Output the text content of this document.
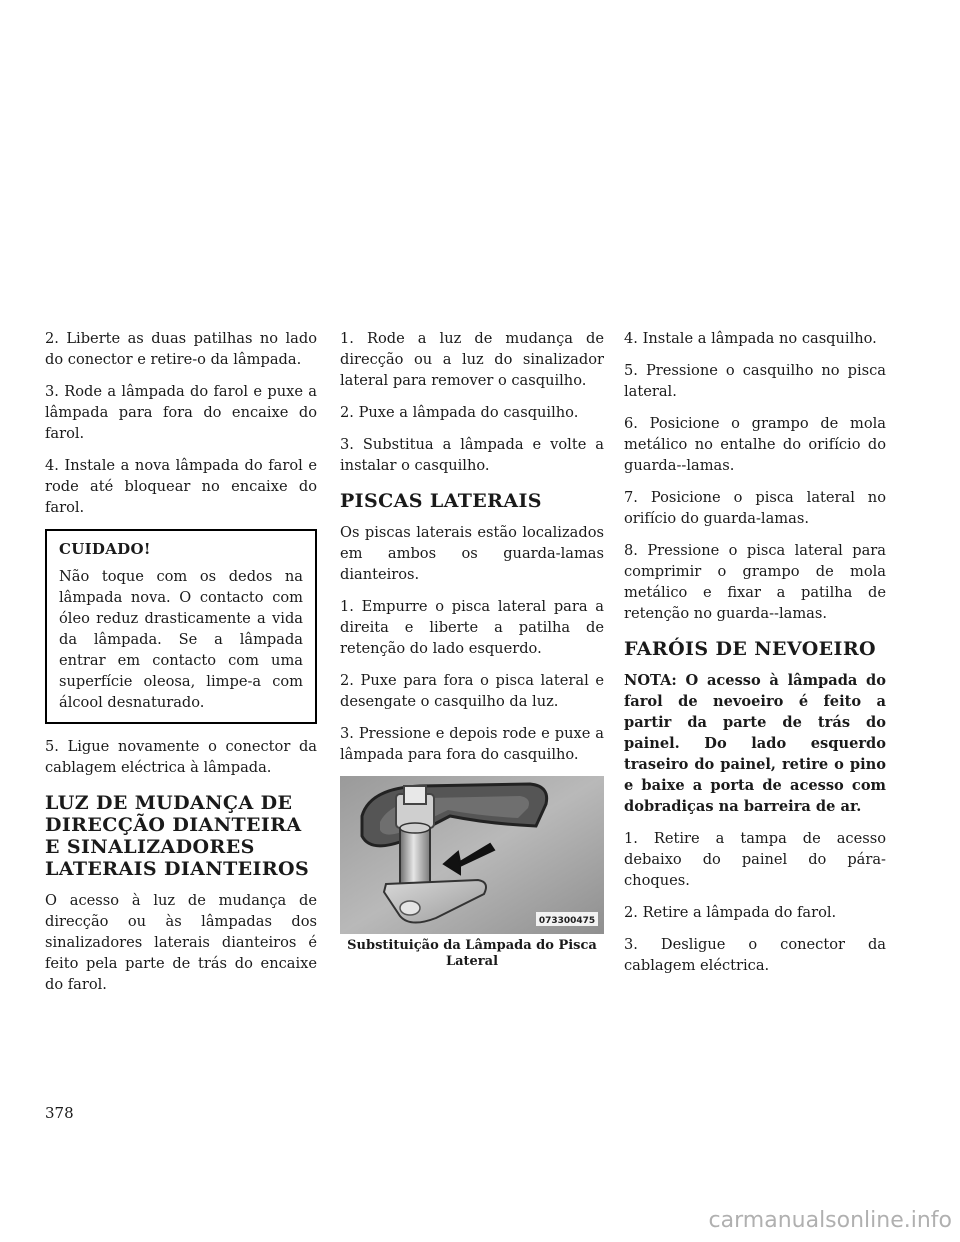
2. Liberte as duas patilhas no lado do conector e retire-o da lâmpada.

3. Rode a lâmpada do farol e puxe a lâmpada para fora do encaixe do farol.

4. Instale a nova lâmpada do farol e rode até bloquear no encaixe do farol.

CUIDADO!

Não toque com os dedos na lâmpada nova. O contacto com óleo reduz drasticamente a vida da lâmpada. Se a lâmpada entrar em contacto com uma superfície oleosa, limpe-a com álcool desnaturado.

5. Ligue novamente o conector da cablagem eléctrica à lâmpada.

LUZ DE MUDANÇA DE DIRECÇÃO DIANTEIRA E SINALIZADORES LATERAIS DIANTEIROS

O acesso à luz de mudança de direcção ou às lâmpadas dos sinalizadores laterais dianteiros é feito pela parte de trás do encaixe do farol.

1. Rode a luz de mudança de direcção ou a luz do sinalizador lateral para remover o casquilho.

2. Puxe a lâmpada do casquilho.

3. Substitua a lâmpada e volte a instalar o casquilho.

PISCAS LATERAIS

Os piscas laterais estão localizados em ambos os guarda-lamas dianteiros.

1. Empurre o pisca lateral para a direita e liberte a patilha de retenção do lado esquerdo.

2. Puxe para fora o pisca lateral e desengate o casquilho da luz.

3. Pressione e depois rode e puxe a lâmpada para fora do casquilho.

073300475
Substituição da Lâmpada do Pisca Lateral

4. Instale a lâmpada no casquilho.

5. Pressione o casquilho no pisca lateral.

6. Posicione o grampo de mola metálico no entalhe do orifício do guarda--lamas.

7. Posicione o pisca lateral no orifício do guarda-lamas.

8. Pressione o pisca lateral para comprimir o grampo de mola metálico e fixar a patilha de retenção no guarda--lamas.

FARÓIS DE NEVOEIRO
NOTA: O acesso à lâmpada do farol de nevoeiro é feito a partir da parte de trás do painel. Do lado esquerdo traseiro do painel, retire o pino e baixe a porta de acesso com dobradiças na barreira de ar.

1. Retire a tampa de acesso debaixo do painel do pára-choques.

2. Retire a lâmpada do farol.

3. Desligue o conector da cablagem eléctrica.

378
carmanualsonline.info
